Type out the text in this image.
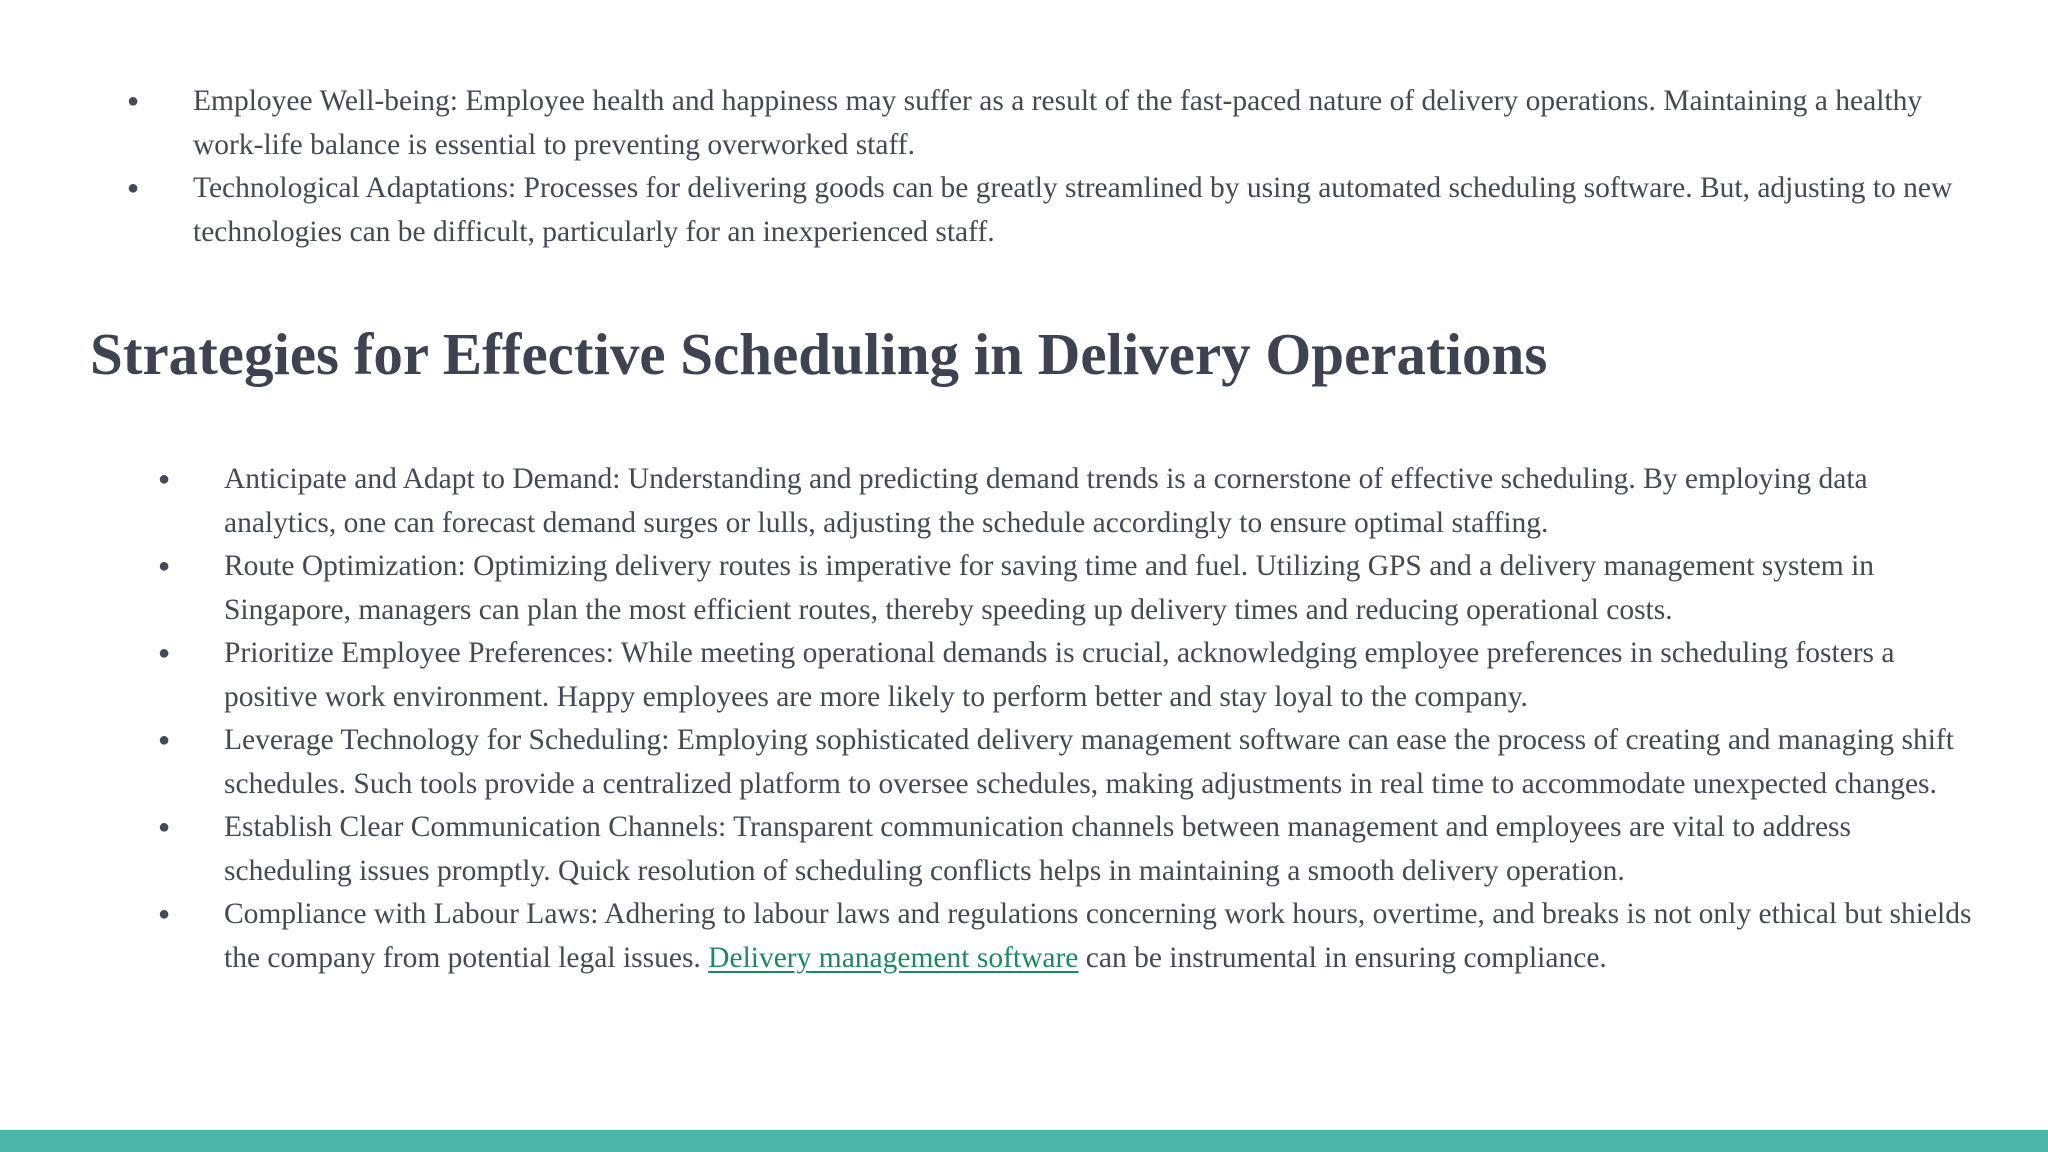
● Employee Well-being: Employee health and happiness may suffer as a result of the fast-paced nature of delivery operations. Maintaining a healthy work-life balance is essential to preventing overworked staff.
● Technological Adaptations: Processes for delivering goods can be greatly streamlined by using automated scheduling software. But, adjusting to new technologies can be difficult, particularly for an inexperienced staff.
Strategies for Effective Scheduling in Delivery Operations
● Anticipate and Adapt to Demand: Understanding and predicting demand trends is a cornerstone of effective scheduling. By employing data analytics, one can forecast demand surges or lulls, adjusting the schedule accordingly to ensure optimal staffing.
● Route Optimization: Optimizing delivery routes is imperative for saving time and fuel. Utilizing GPS and a delivery management system in Singapore, managers can plan the most efficient routes, thereby speeding up delivery times and reducing operational costs.
● Prioritize Employee Preferences: While meeting operational demands is crucial, acknowledging employee preferences in scheduling fosters a positive work environment. Happy employees are more likely to perform better and stay loyal to the company.
● Leverage Technology for Scheduling: Employing sophisticated delivery management software can ease the process of creating and managing shift schedules. Such tools provide a centralized platform to oversee schedules, making adjustments in real time to accommodate unexpected changes.
● Establish Clear Communication Channels: Transparent communication channels between management and employees are vital to address scheduling issues promptly. Quick resolution of scheduling conflicts helps in maintaining a smooth delivery operation.
● Compliance with Labour Laws: Adhering to labour laws and regulations concerning work hours, overtime, and breaks is not only ethical but shields the company from potential legal issues. Delivery management software can be instrumental in ensuring compliance.
